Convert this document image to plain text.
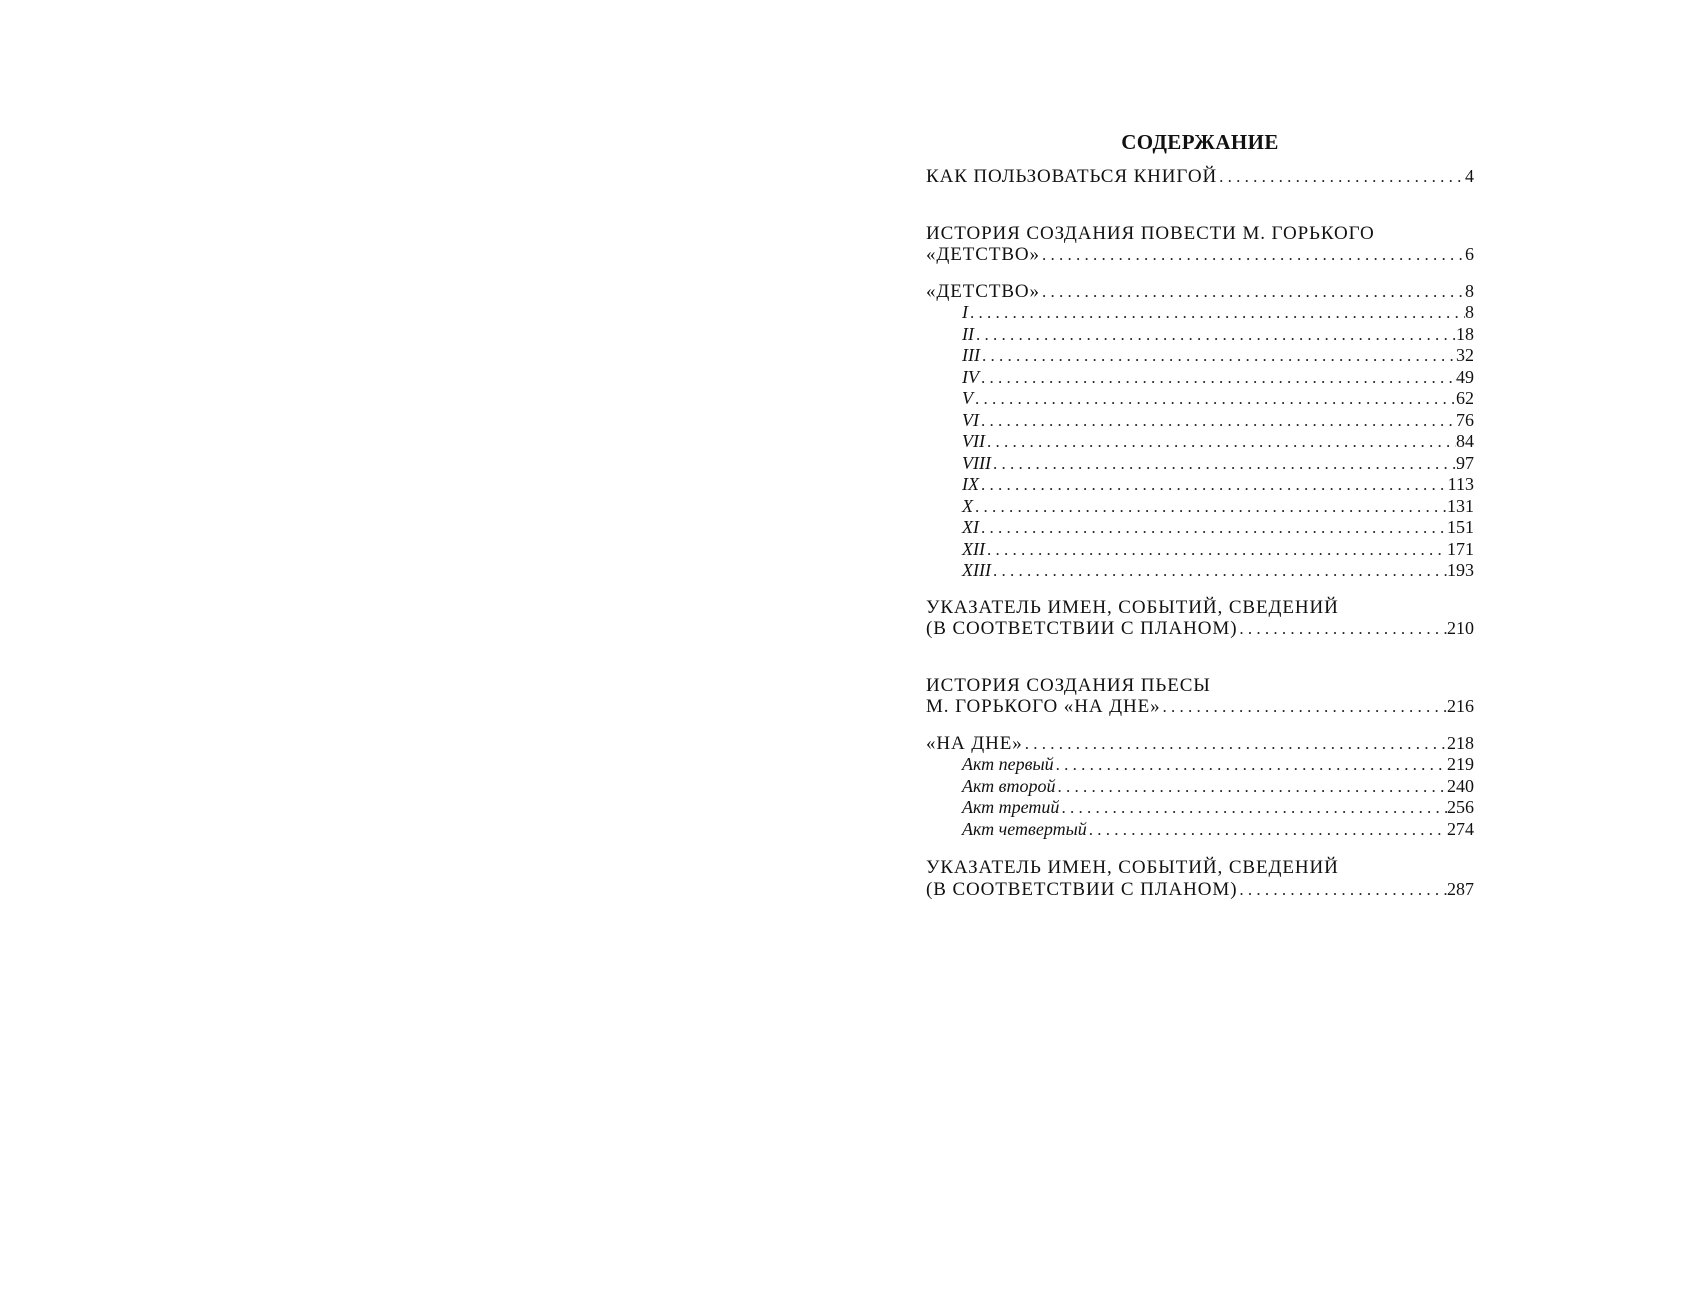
СОДЕРЖАНИЕ
КАК ПОЛЬЗОВАТЬСЯ КНИГОЙ . . .	4
ИСТОРИЯ СОЗДАНИЯ ПОВЕСТИ М. ГОРЬКОГО
«ДЕТСТВО» . . .	6
«ДЕТСТВО» . . .	8
I . . .	8
II . . .	18
III . . .	32
IV . . .	49
V . . .	62
VI . . .	76
VII . . .	84
VIII . . .	97
IX . . .	113
X . . .	131
XI . . .	151
XII . . .	171
XIII . . .	193
УКАЗАТЕЛЬ ИМЕН, СОБЫТИЙ, СВЕДЕНИЙ
(В СООТВЕТСТВИИ С ПЛАНОМ) . . .	210
ИСТОРИЯ СОЗДАНИЯ ПЬЕСЫ
М. ГОРЬКОГО «НА ДНЕ» . . .	216
«НА ДНЕ» . . .	218
Акт первый . . .	219
Акт второй . . .	240
Акт третий . . .	256
Акт четвертый . . .	274
УКАЗАТЕЛЬ ИМЕН, СОБЫТИЙ, СВЕДЕНИЙ
(В СООТВЕТСТВИИ С ПЛАНОМ) . . .	287
